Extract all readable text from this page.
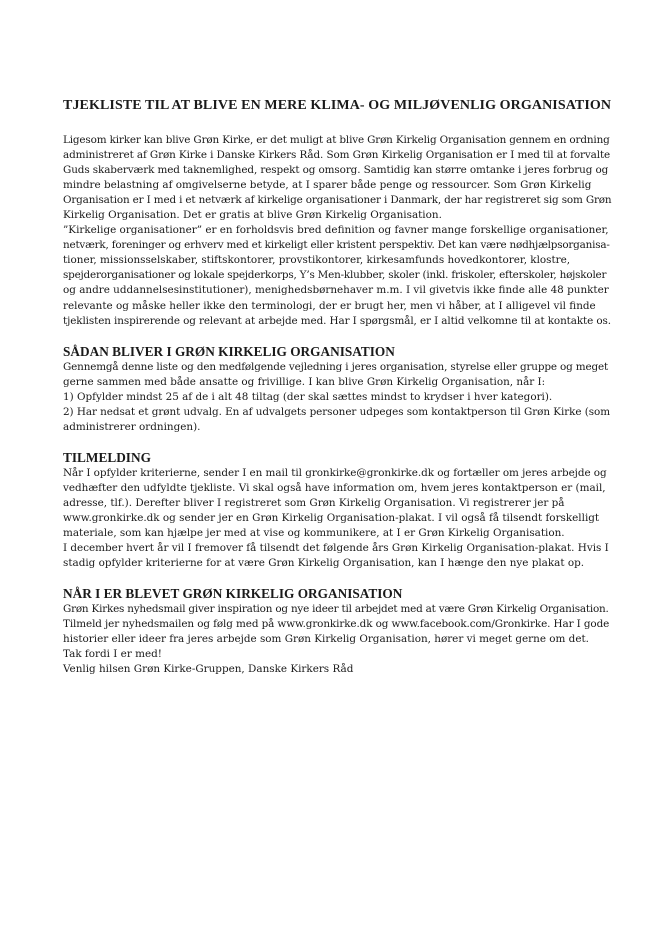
TJEKLISTE TIL AT BLIVE EN MERE KLIMA- OG MILJØVENLIG ORGANISATION

Ligesom kirker kan blive Grøn Kirke, er det muligt at blive Grøn Kirkelig Organisation gennem en ordning

administreret af Grøn Kirke i Danske Kirkers Råd. Som Grøn Kirkelig Organisation er I med til at forvalte

Guds skaberværk med taknemlighed, respekt og omsorg. Samtidig kan større omtanke i jeres forbrug og

mindre belastning af omgivelserne betyde, at I sparer både penge og ressourcer. Som Grøn Kirkelig

Organisation er I med i et netværk af kirkelige organisationer i Danmark, der har registreret sig som Grøn

Kirkelig Organisation. Det er gratis at blive Grøn Kirkelig Organisation.

”Kirkelige organisationer” er en forholdsvis bred definition og favner mange forskellige organisationer,

netværk, foreninger og erhverv med et kirkeligt eller kristent perspektiv. Det kan være nødhjælpsorganisa-

tioner, missionsselskaber, stiftskontorer, provstikontorer, kirkesamfunds hovedkontorer, klostre,

spejderorganisationer og lokale spejderkorps, Y’s Men-klubber, skoler (inkl. friskoler, efterskoler, højskoler

og andre uddannelsesinstitutioner), menighedsbørnehaver m.m. I vil givetvis ikke finde alle 48 punkter

relevante og måske heller ikke den terminologi, der er brugt her, men vi håber, at I alligevel vil finde

tjeklisten inspirerende og relevant at arbejde med. Har I spørgsmål, er I altid velkomne til at kontakte os.

SÅDAN BLIVER I GRØN KIRKELIG ORGANISATION

Gennemgå denne liste og den medfølgende vejledning i jeres organisation, styrelse eller gruppe og meget

gerne sammen med både ansatte og frivillige. I kan blive Grøn Kirkelig Organisation, når I:

1) Opfylder mindst 25 af de i alt 48 tiltag (der skal sættes mindst to krydser i hver kategori).

2) Har nedsat et grønt udvalg. En af udvalgets personer udpeges som kontaktperson til Grøn Kirke (som

administrerer ordningen).

TILMELDING

Når I opfylder kriterierne, sender I en mail til gronkirke@gronkirke.dk og fortæller om jeres arbejde og

vedhæfter den udfyldte tjekliste. Vi skal også have information om, hvem jeres kontaktperson er (mail,

adresse, tlf.). Derefter bliver I registreret som Grøn Kirkelig Organisation. Vi registrerer jer på

www.gronkirke.dk og sender jer en Grøn Kirkelig Organisation-plakat. I vil også få tilsendt forskelligt

materiale, som kan hjælpe jer med at vise og kommunikere, at I er Grøn Kirkelig Organisation.

I december hvert år vil I fremover få tilsendt det følgende års Grøn Kirkelig Organisation-plakat. Hvis I

stadig opfylder kriterierne for at være Grøn Kirkelig Organisation, kan I hænge den nye plakat op.

NÅR I ER BLEVET GRØN KIRKELIG ORGANISATION

Grøn Kirkes nyhedsmail giver inspiration og nye ideer til arbejdet med at være Grøn Kirkelig Organisation.

Tilmeld jer nyhedsmailen og følg med på www.gronkirke.dk og www.facebook.com/Gronkirke. Har I gode

historier eller ideer fra jeres arbejde som Grøn Kirkelig Organisation, hører vi meget gerne om det.

Tak fordi I er med!

Venlig hilsen Grøn Kirke-Gruppen, Danske Kirkers Råd
